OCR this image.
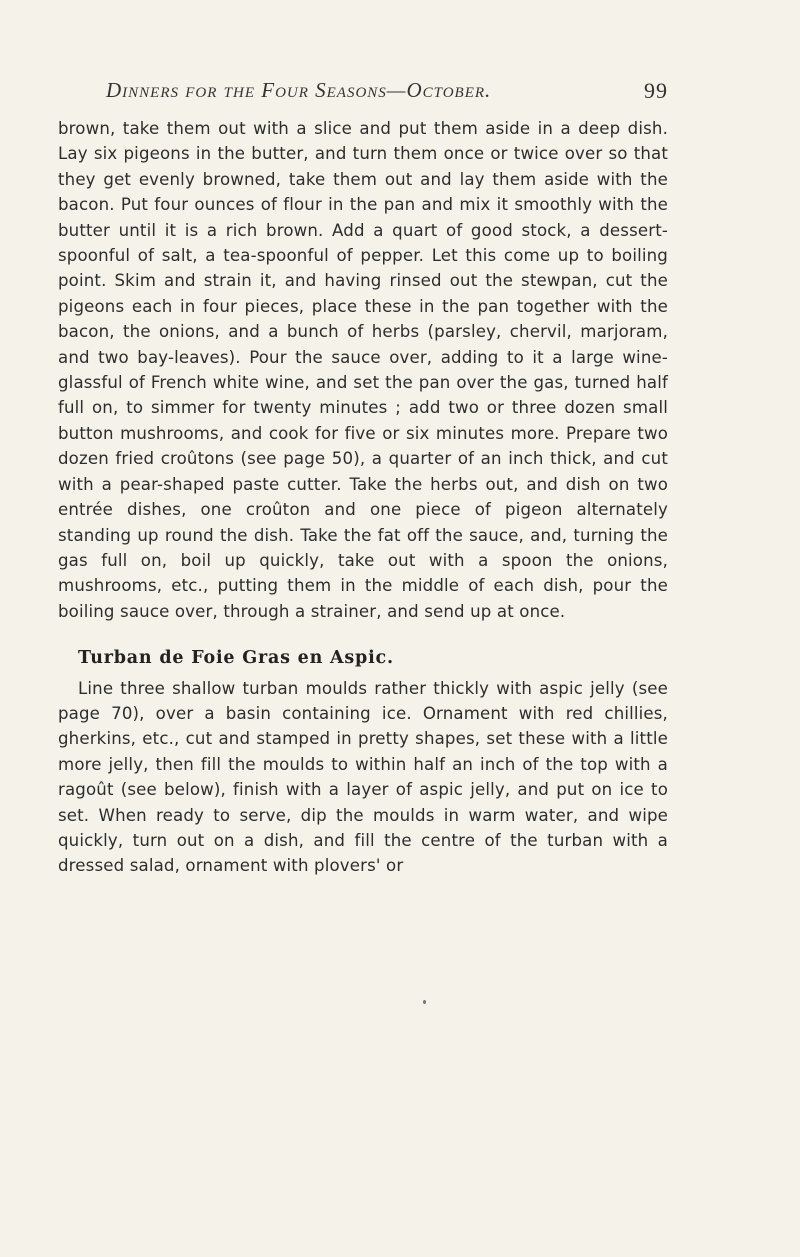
Dinners for the Four Seasons—October.	99

brown, take them out with a slice and put them aside in a deep dish. Lay six pigeons in the butter, and turn them once or twice over so that they get evenly browned, take them out and lay them aside with the bacon. Put four ounces of flour in the pan and mix it smoothly with the butter until it is a rich brown. Add a quart of good stock, a dessert-spoonful of salt, a tea-spoonful of pepper. Let this come up to boiling point. Skim and strain it, and having rinsed out the stewpan, cut the pigeons each in four pieces, place these in the pan together with the bacon, the onions, and a bunch of herbs (parsley, chervil, marjoram, and two bay-leaves). Pour the sauce over, adding to it a large wine-glassful of French white wine, and set the pan over the gas, turned half full on, to simmer for twenty minutes ; add two or three dozen small button mushrooms, and cook for five or six minutes more. Prepare two dozen fried croûtons (see page 50), a quarter of an inch thick, and cut with a pear-shaped paste cutter. Take the herbs out, and dish on two entrée dishes, one croûton and one piece of pigeon alternately standing up round the dish. Take the fat off the sauce, and, turning the gas full on, boil up quickly, take out with a spoon the onions, mushrooms, etc., putting them in the middle of each dish, pour the boiling sauce over, through a strainer, and send up at once.

Turban de Foie Gras en Aspic.

Line three shallow turban moulds rather thickly with aspic jelly (see page 70), over a basin containing ice. Ornament with red chillies, gherkins, etc., cut and stamped in pretty shapes, set these with a little more jelly, then fill the moulds to within half an inch of the top with a ragoût (see below), finish with a layer of aspic jelly, and put on ice to set. When ready to serve, dip the moulds in warm water, and wipe quickly, turn out on a dish, and fill the centre of the turban with a dressed salad, ornament with plovers' or
